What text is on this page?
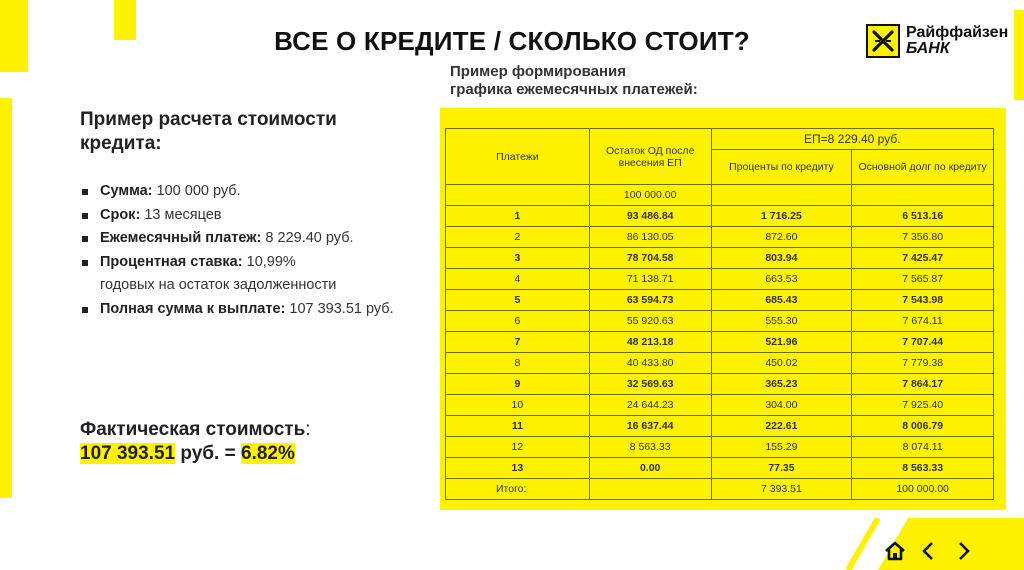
ВСЕ О КРЕДИТЕ / СКОЛЬКО СТОИТ?	Райффайзен
БАНК
Пример расчета стоимости кредита:
Сумма: 100 000 руб.
Срок: 13 месяцев
Ежемесячный платеж: 8 229.40 руб.
Процентная ставка: 10,99%
годовых на остаток задолженности
Полная сумма к выплате: 107 393.51 руб.
Фактическая стоимость:
107 393.51 руб. = 6.82%
Пример формирования
графика ежемесячных платежей:
Платежи	Остаток ОД после внесения ЕП	ЕП=8 229.40 руб.	
		Проценты по кредиту	Основной долг по кредиту
	100 000.00		
1	93 486.84	1 716.25	6 513.16
2	86 130.05	872.60	7 356.80
3	78 704.58	803.94	7 425.47
4	71 138.71	663.53	7 565.87
5	63 594.73	685.43	7 543.98
6	55 920.63	555.30	7 674.11
7	48 213.18	521.96	7 707.44
8	40 433.80	450.02	7 779.38
9	32 569.63	365.23	7 864.17
10	24 644.23	304.00	7 925.40
11	16 637.44	222.61	8 006.79
12	8 563.33	155.29	8 074.11
13	0.00	77.35	8 563.33
Итого:		7 393.51	100 000.00
